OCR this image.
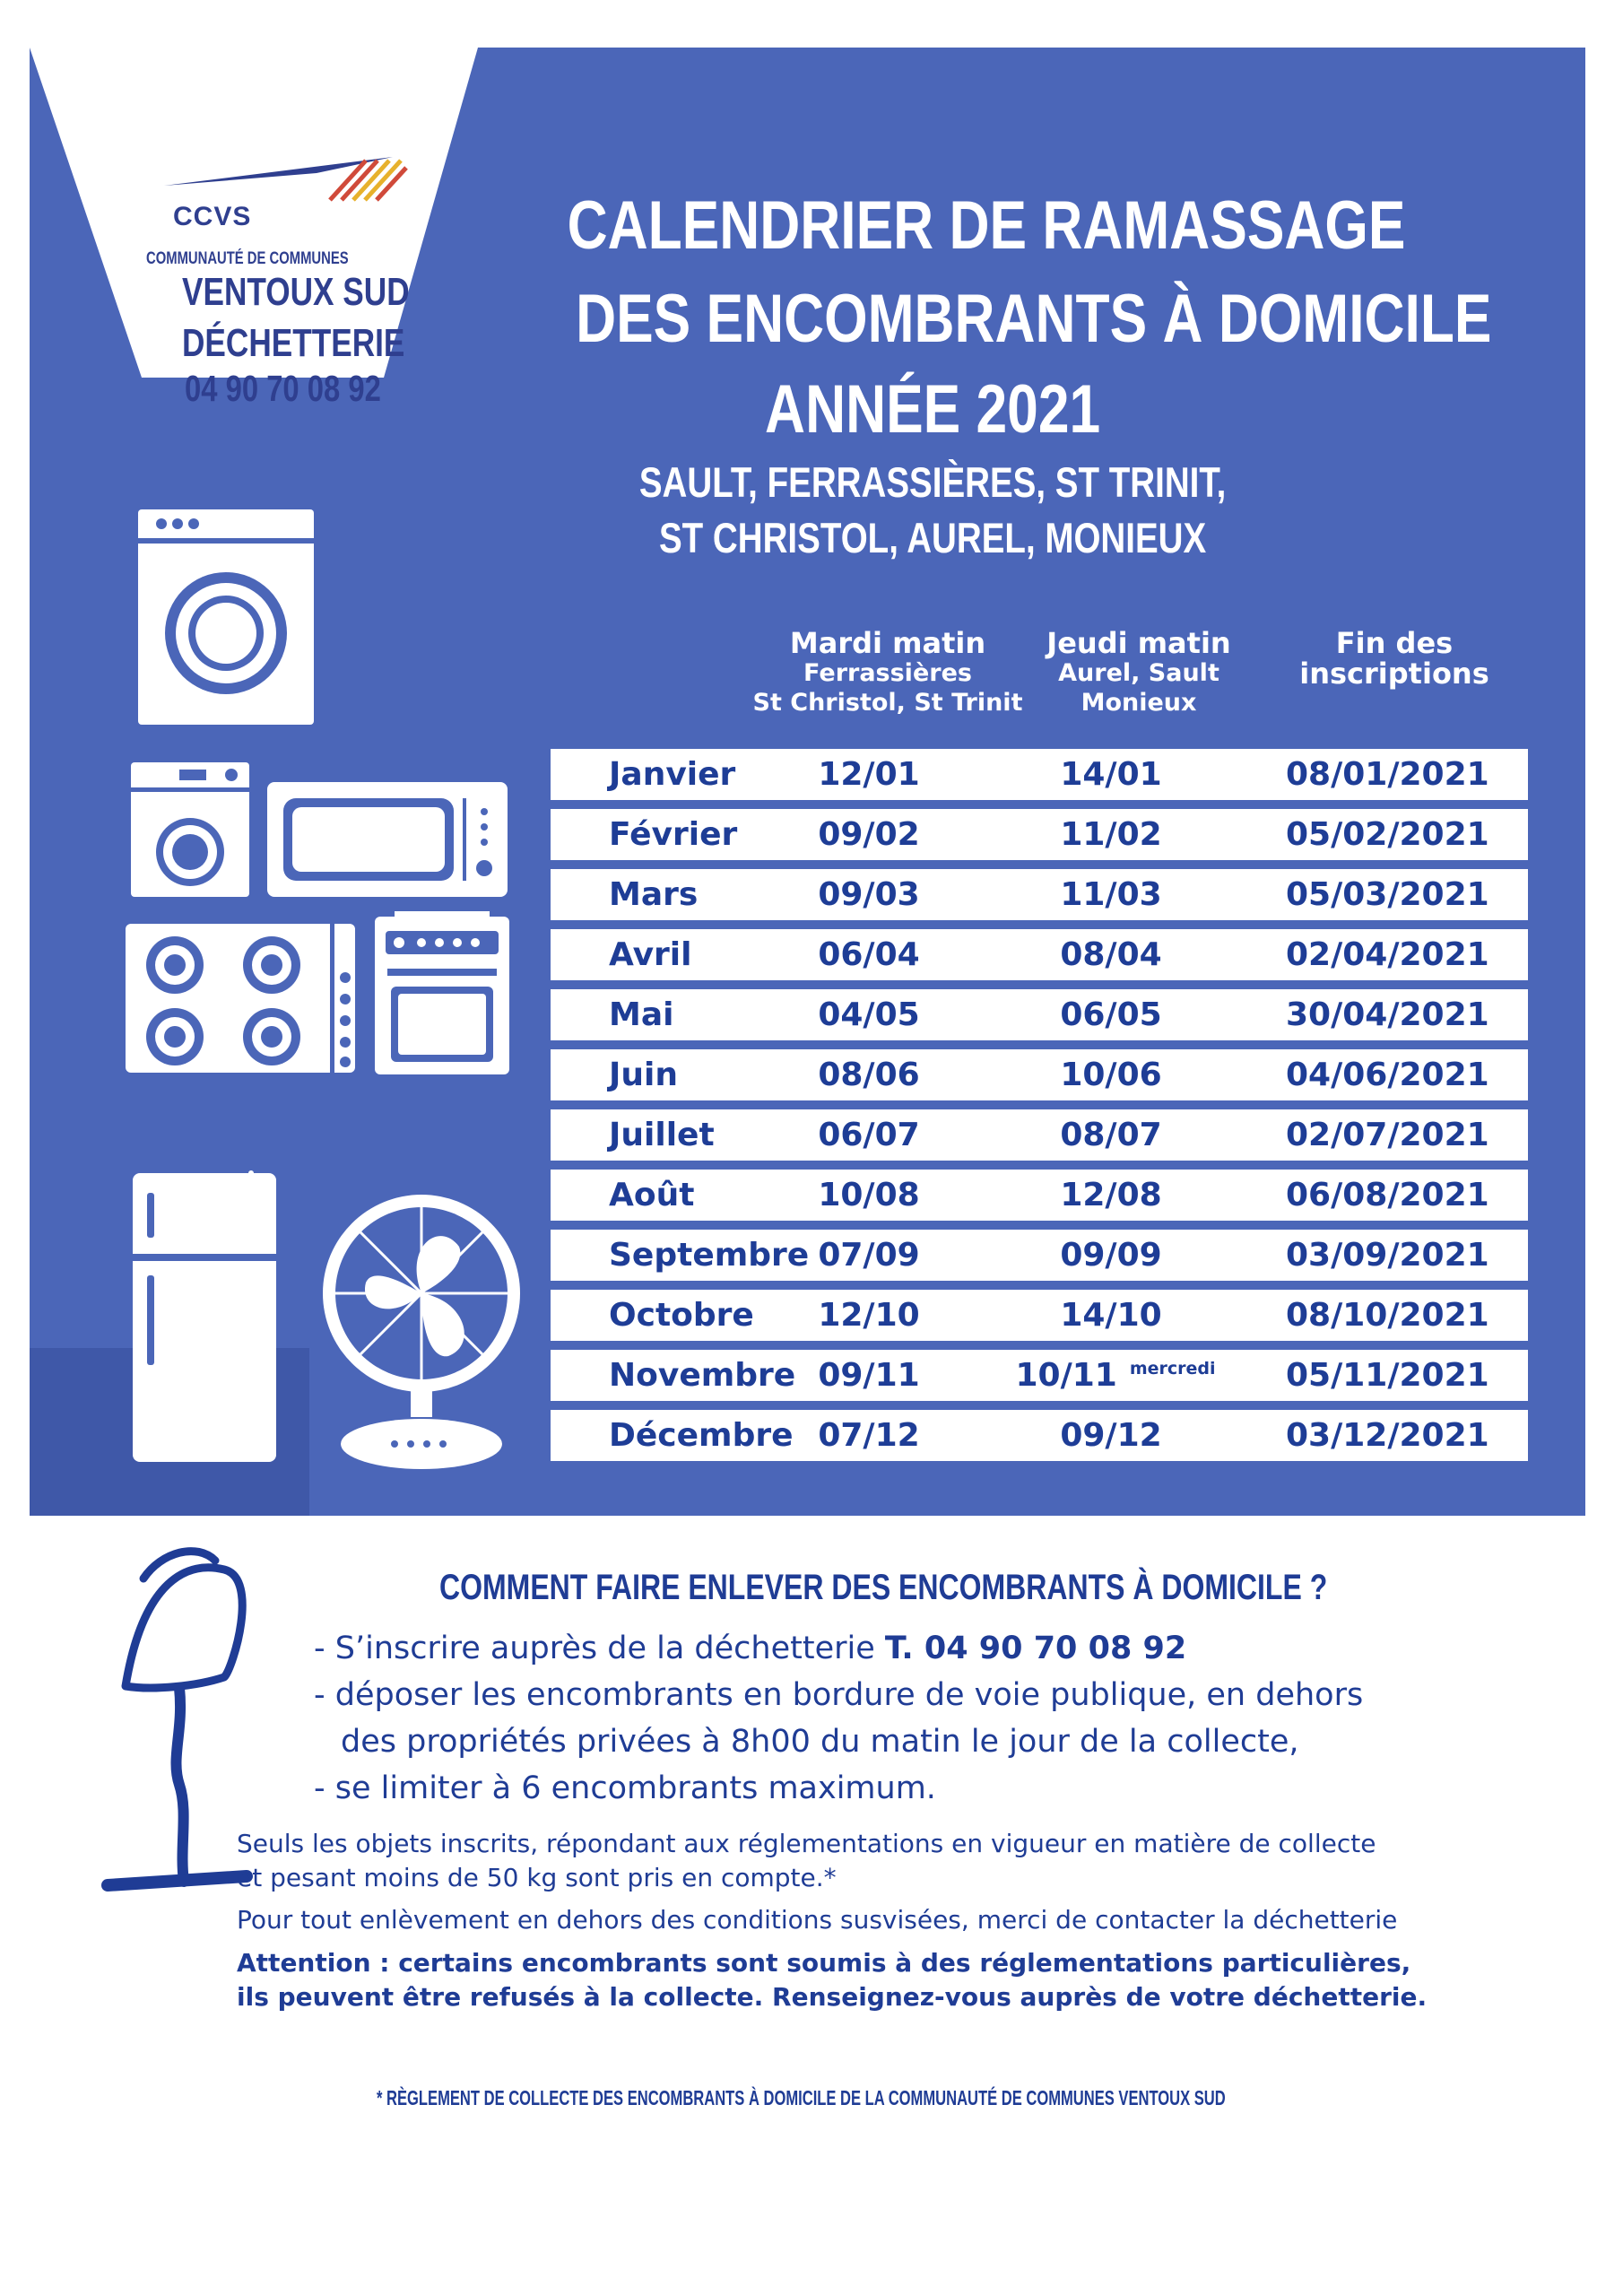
CCVS
COMMUNAUTÉ DE COMMUNES
VENTOUX SUD
DÉCHETTERIE
04 90 70 08 92
CALENDRIER DE RAMASSAGE
DES ENCOMBRANTS À DOMICILE
ANNÉE 2021
SAULT, FERRASSIÈRES, ST TRINIT,
ST CHRISTOL, AUREL, MONIEUX
Mardi matin
Ferrassières
St Christol, St Trinit
Jeudi matin
Aurel, Sault
Monieux
Fin des
inscriptions
Janvier	12/01	14/01	08/01/2021
Février	09/02	11/02	05/02/2021
Mars	09/03	11/03	05/03/2021
Avril	06/04	08/04	02/04/2021
Mai	04/05	06/05	30/04/2021
Juin	08/06	10/06	04/06/2021
Juillet	06/07	08/07	02/07/2021
Août	10/08	12/08	06/08/2021
Septembre 07/09	09/09	03/09/2021
Octobre	12/10	14/10	08/10/2021
Novembre 09/11	10/11 $^{mercredi}$ 05/11/2021
Décembre 07/12	09/12	03/12/2021
COMMENT FAIRE ENLEVER DES ENCOMBRANTS À DOMICILE ?
- S’inscrire auprès de la déchetterie T. 04 90 70 08 92
- déposer les encombrants en bordure de voie publique, en dehors
des propriétés privées à 8h00 du matin le jour de la collecte,
- se limiter à 6 encombrants maximum.
Seuls les objets inscrits, répondant aux réglementations en vigueur en matière de collecte
et pesant moins de 50 kg sont pris en compte.*
Pour tout enlèvement en dehors des conditions susvisées, merci de contacter la déchetterie
Attention : certains encombrants sont soumis à des réglementations particulières,
ils peuvent être refusés à la collecte. Renseignez-vous auprès de votre déchetterie.
* RÈGLEMENT DE COLLECTE DES ENCOMBRANTS À DOMICILE DE LA COMMUNAUTÉ DE COMMUNES VENTOUX SUD
